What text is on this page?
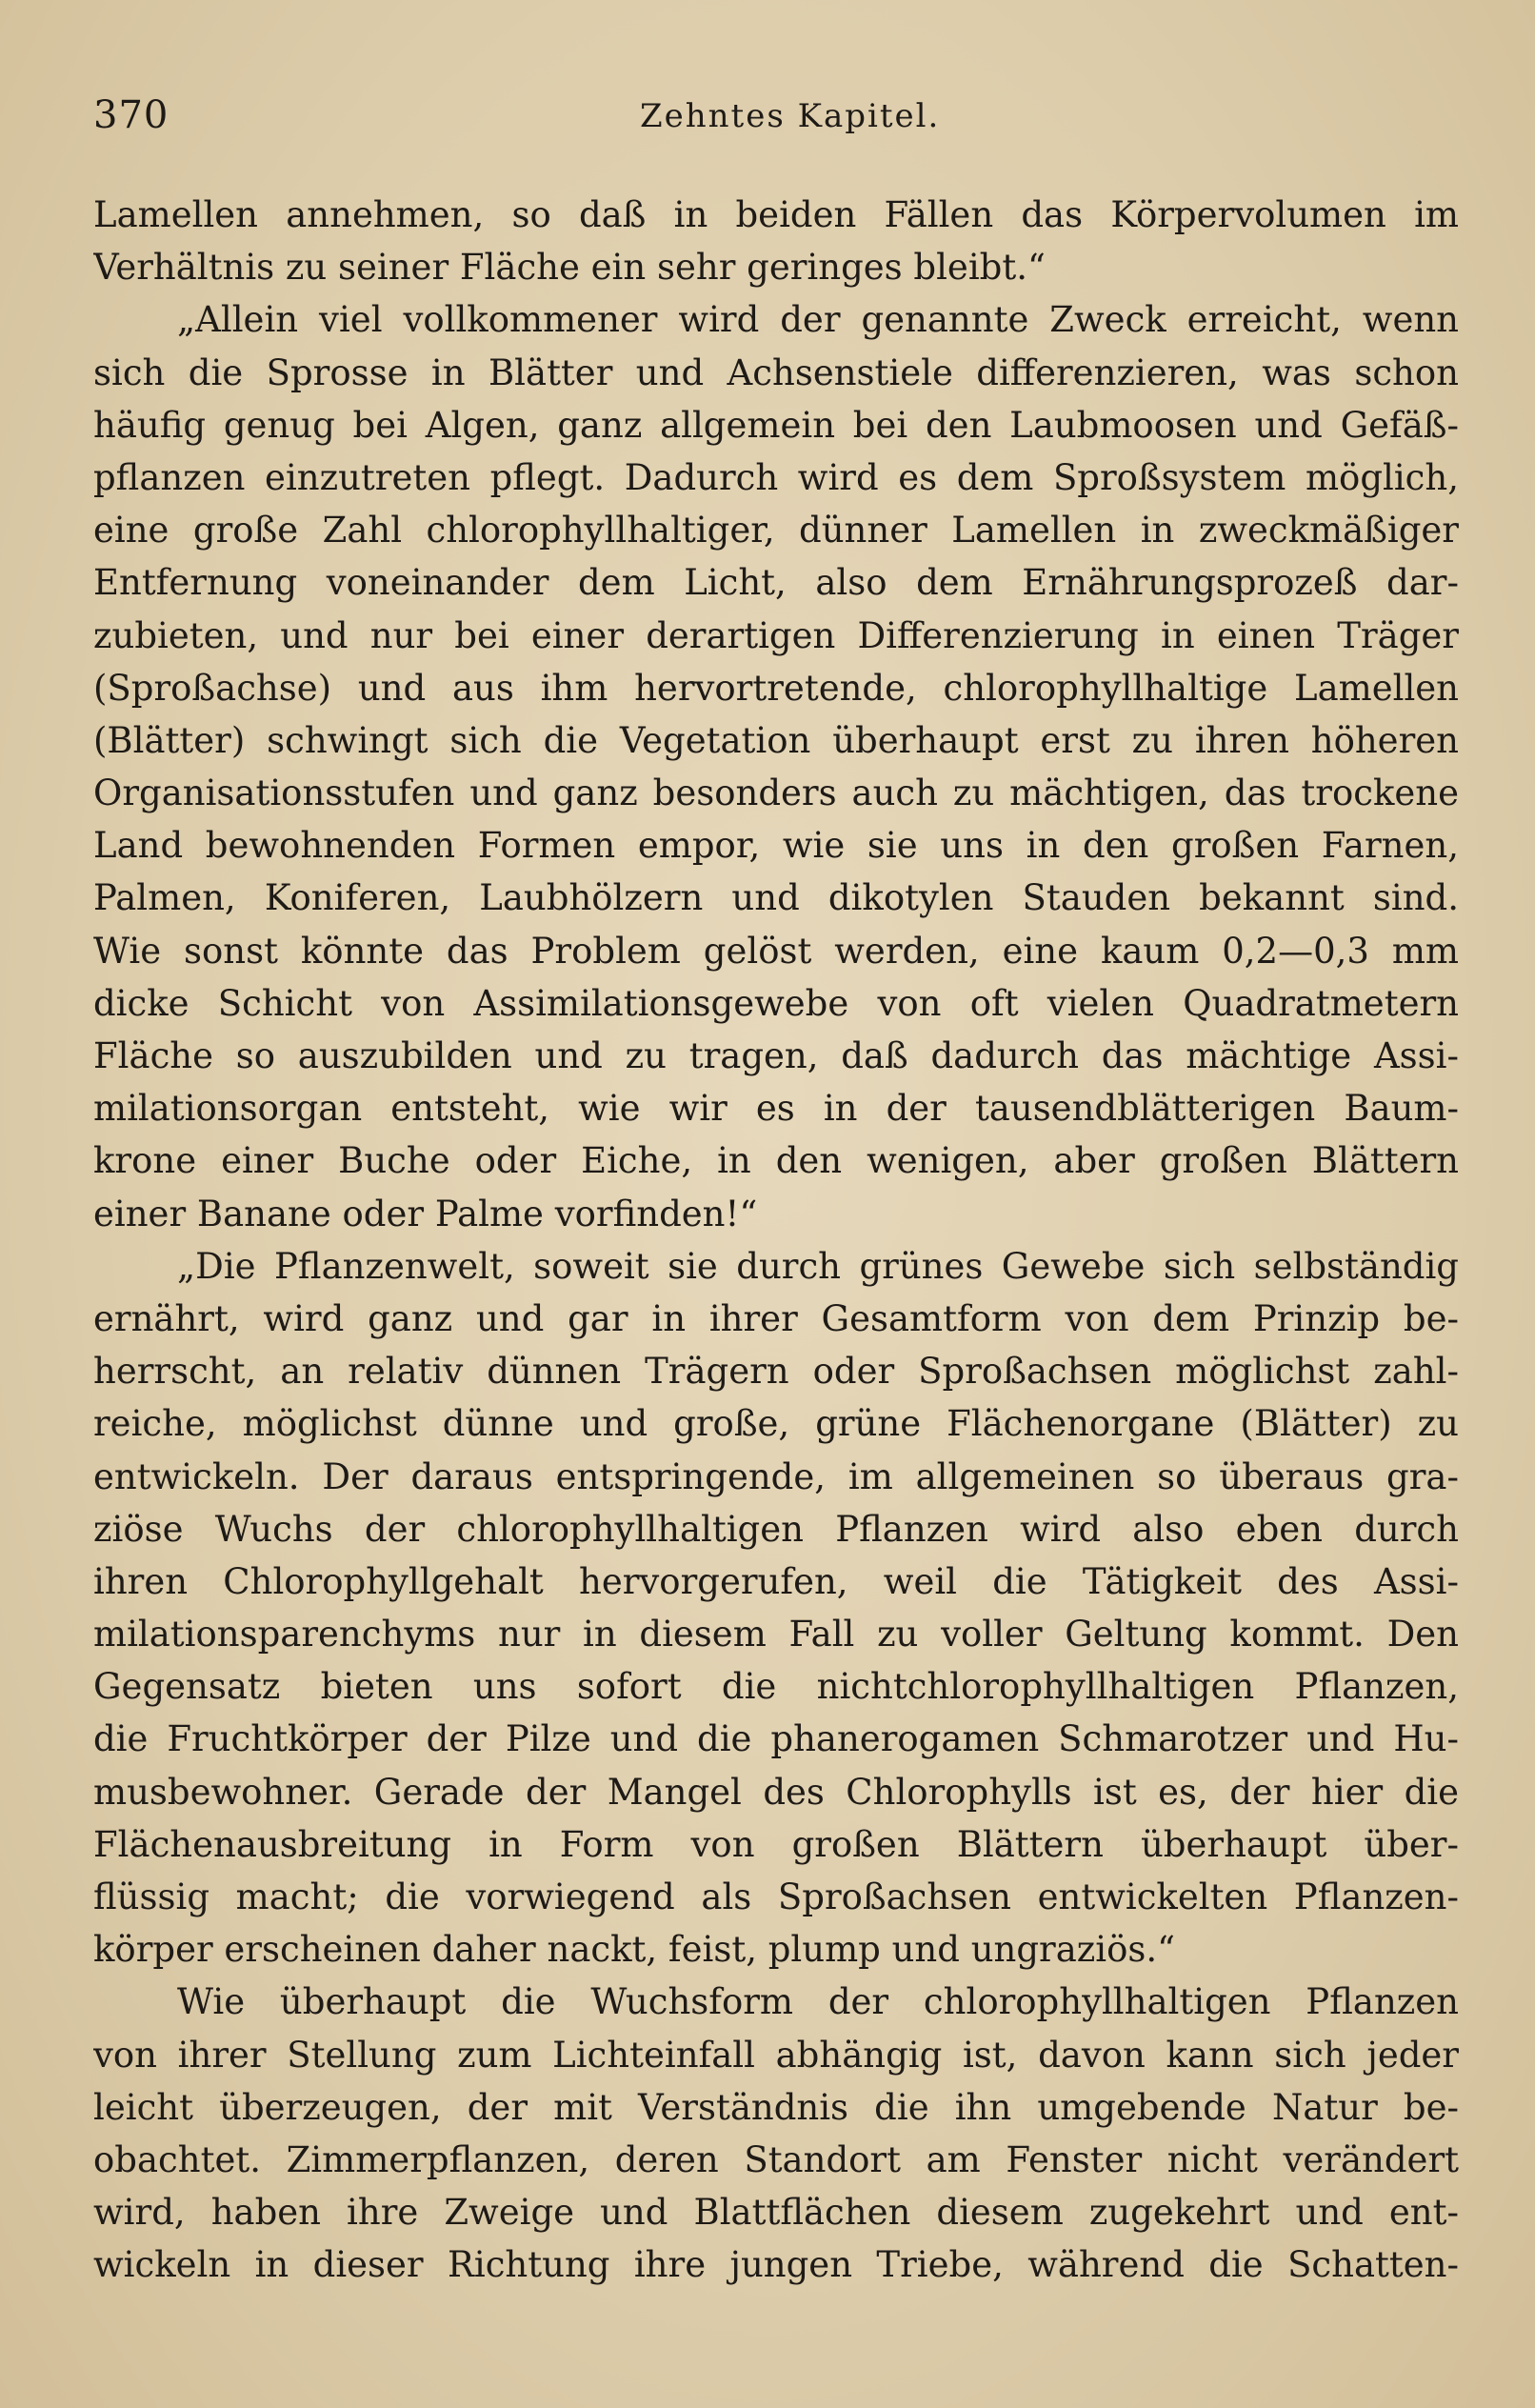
370	Zehntes Kapitel.
Lamellen annehmen, so daß in beiden Fällen das Körpervolumen im
Verhältnis zu seiner Fläche ein sehr geringes bleibt.“
„Allein viel vollkommener wird der genannte Zweck erreicht, wenn
sich die Sprosse in Blätter und Achsenstiele differenzieren, was schon
häufig genug bei Algen, ganz allgemein bei den Laubmoosen und Gefäß-
pflanzen einzutreten pflegt. Dadurch wird es dem Sproßsystem möglich,
eine große Zahl chlorophyllhaltiger, dünner Lamellen in zweckmäßiger
Entfernung voneinander dem Licht, also dem Ernährungsprozeß dar-
zubieten, und nur bei einer derartigen Differenzierung in einen Träger
(Sproßachse) und aus ihm hervortretende, chlorophyllhaltige Lamellen
(Blätter) schwingt sich die Vegetation überhaupt erst zu ihren höheren
Organisationsstufen und ganz besonders auch zu mächtigen, das trockene
Land bewohnenden Formen empor, wie sie uns in den großen Farnen,
Palmen, Koniferen, Laubhölzern und dikotylen Stauden bekannt sind.
Wie sonst könnte das Problem gelöst werden, eine kaum 0,2—0,3 mm
dicke Schicht von Assimilationsgewebe von oft vielen Quadratmetern
Fläche so auszubilden und zu tragen, daß dadurch das mächtige Assi-
milationsorgan entsteht, wie wir es in der tausendblätterigen Baum-
krone einer Buche oder Eiche, in den wenigen, aber großen Blättern
einer Banane oder Palme vorfinden!“
„Die Pflanzenwelt, soweit sie durch grünes Gewebe sich selbständig
ernährt, wird ganz und gar in ihrer Gesamtform von dem Prinzip be-
herrscht, an relativ dünnen Trägern oder Sproßachsen möglichst zahl-
reiche, möglichst dünne und große, grüne Flächenorgane (Blätter) zu
entwickeln. Der daraus entspringende, im allgemeinen so überaus gra-
ziöse Wuchs der chlorophyllhaltigen Pflanzen wird also eben durch
ihren Chlorophyllgehalt hervorgerufen, weil die Tätigkeit des Assi-
milationsparenchyms nur in diesem Fall zu voller Geltung kommt. Den
Gegensatz bieten uns sofort die nichtchlorophyllhaltigen Pflanzen,
die Fruchtkörper der Pilze und die phanerogamen Schmarotzer und Hu-
musbewohner. Gerade der Mangel des Chlorophylls ist es, der hier die
Flächenausbreitung in Form von großen Blättern überhaupt über-
flüssig macht; die vorwiegend als Sproßachsen entwickelten Pflanzen-
körper erscheinen daher nackt, feist, plump und ungraziös.“
Wie überhaupt die Wuchsform der chlorophyllhaltigen Pflanzen
von ihrer Stellung zum Lichteinfall abhängig ist, davon kann sich jeder
leicht überzeugen, der mit Verständnis die ihn umgebende Natur be-
obachtet. Zimmerpflanzen, deren Standort am Fenster nicht verändert
wird, haben ihre Zweige und Blattflächen diesem zugekehrt und ent-
wickeln in dieser Richtung ihre jungen Triebe, während die Schatten-
